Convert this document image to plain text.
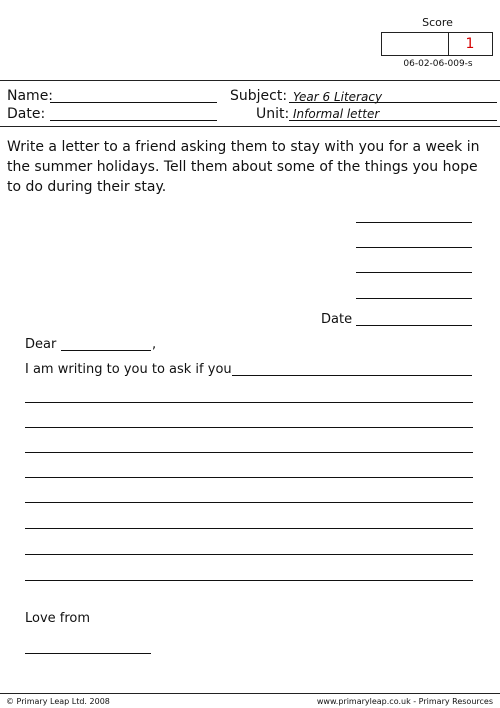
Score
1
06-02-06-009-s
Name:	Subject: Year 6 Literacy
Date:	Unit: Informal letter
Write a letter to a friend asking them to stay with you for a week in the summer holidays. Tell them about some of the things you hope to do during their stay.
Date
Dear	,
I am writing to you to ask if you
Love from
© Primary Leap Ltd. 2008	www.primaryleap.co.uk - Primary Resources
